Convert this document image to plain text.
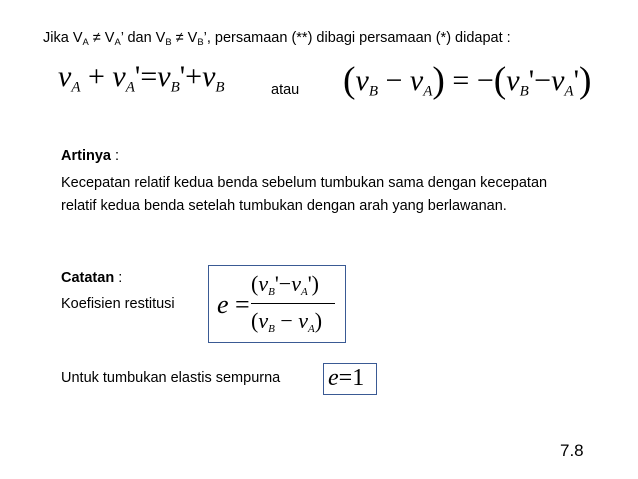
Jika $V_A \ne V_A$’ dan $V_B \ne V_B$’, persamaan (**) dibagi persamaan (*) didapat :
$v_A + v_A'=v_B'+v_B$	atau $(v_B - v_A) = -(v_B'-v_A')$
Artinya :
Kecepatan relatif kedua benda sebelum tumbukan sama dengan kecepatan
relatif kedua benda setelah tumbukan dengan arah yang berlawanan.
Catatan :
Koefisien restitusi e =
$(v_B'-v_A')$
$(v_B - v_A)$
Untuk tumbukan elastis sempurna e=1
7.8
